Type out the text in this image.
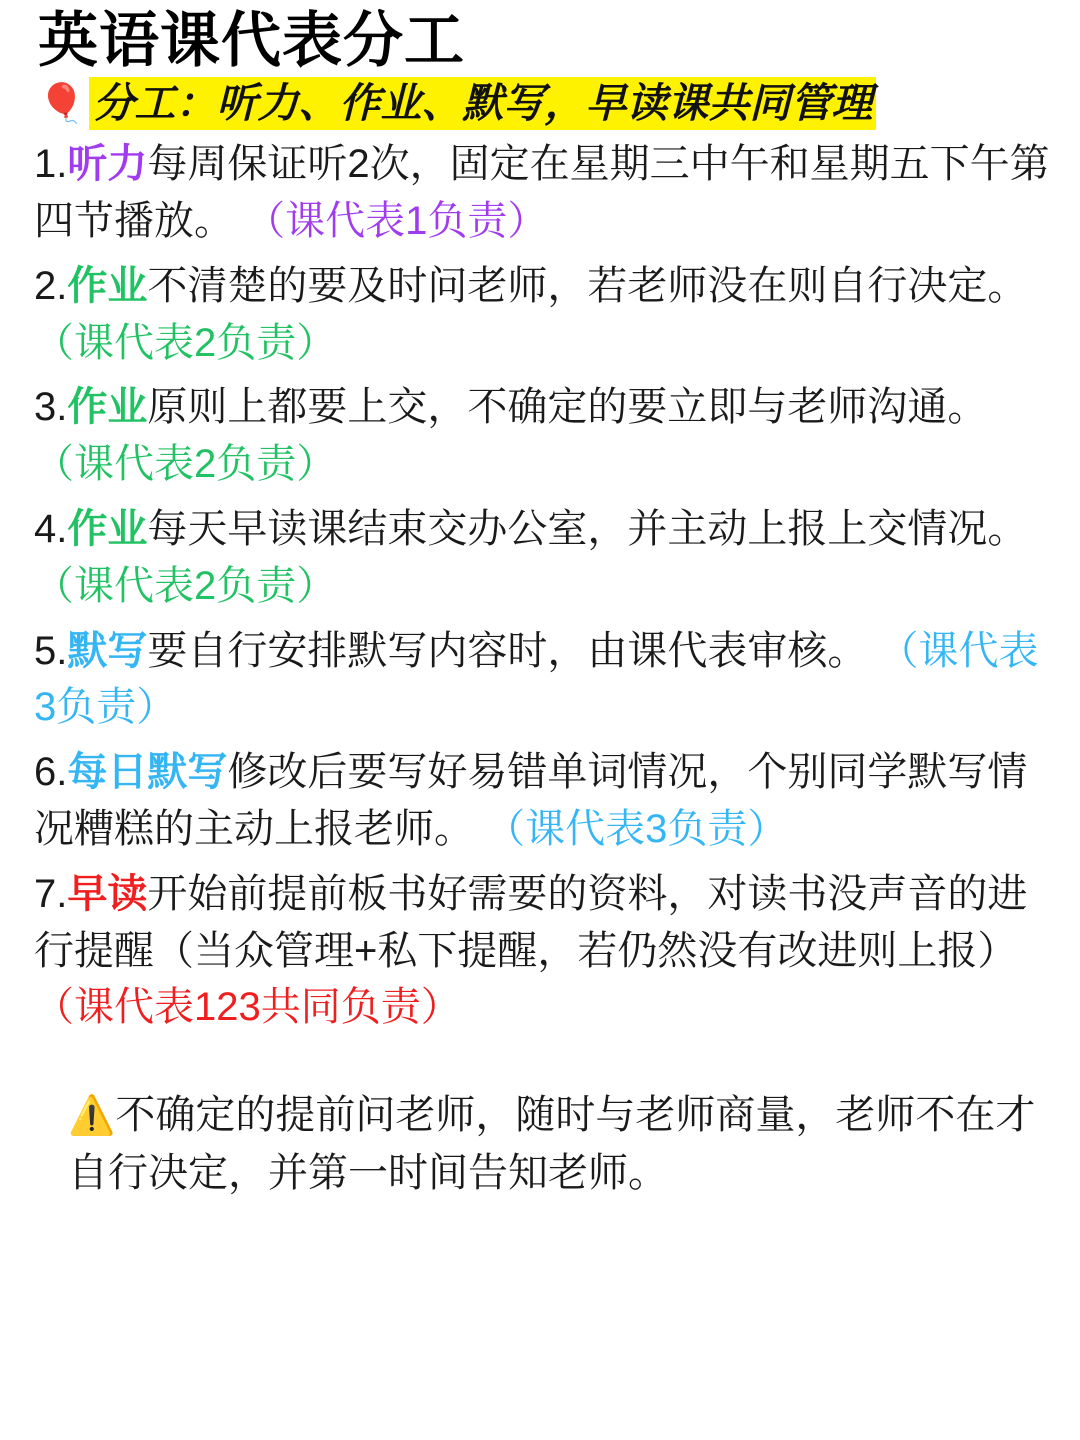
英语课代表分工
🎈 分工：听力、作业、默写，早读课共同管理

1.听力每周保证听2次，固定在星期三中午和星期五下午第四节播放。 （课代表1负责）

2.作业不清楚的要及时问老师，若老师没在则自行决定。 （课代表2负责）

3.作业原则上都要上交，不确定的要立即与老师沟通。 （课代表2负责）

4.作业每天早读课结束交办公室，并主动上报上交情况。 （课代表2负责）

5.默写要自行安排默写内容时，由课代表审核。 （课代表3负责）

6.每日默写修改后要写好易错单词情况，个别同学默写情况糟糕的主动上报老师。 （课代表3负责）

7.早读开始前提前板书好需要的资料，对读书没声音的进行提醒（当众管理+私下提醒，若仍然没有改进则上报） （课代表123共同负责）

⚠️不确定的提前问老师，随时与老师商量，老师不在才自行决定，并第一时间告知老师。
